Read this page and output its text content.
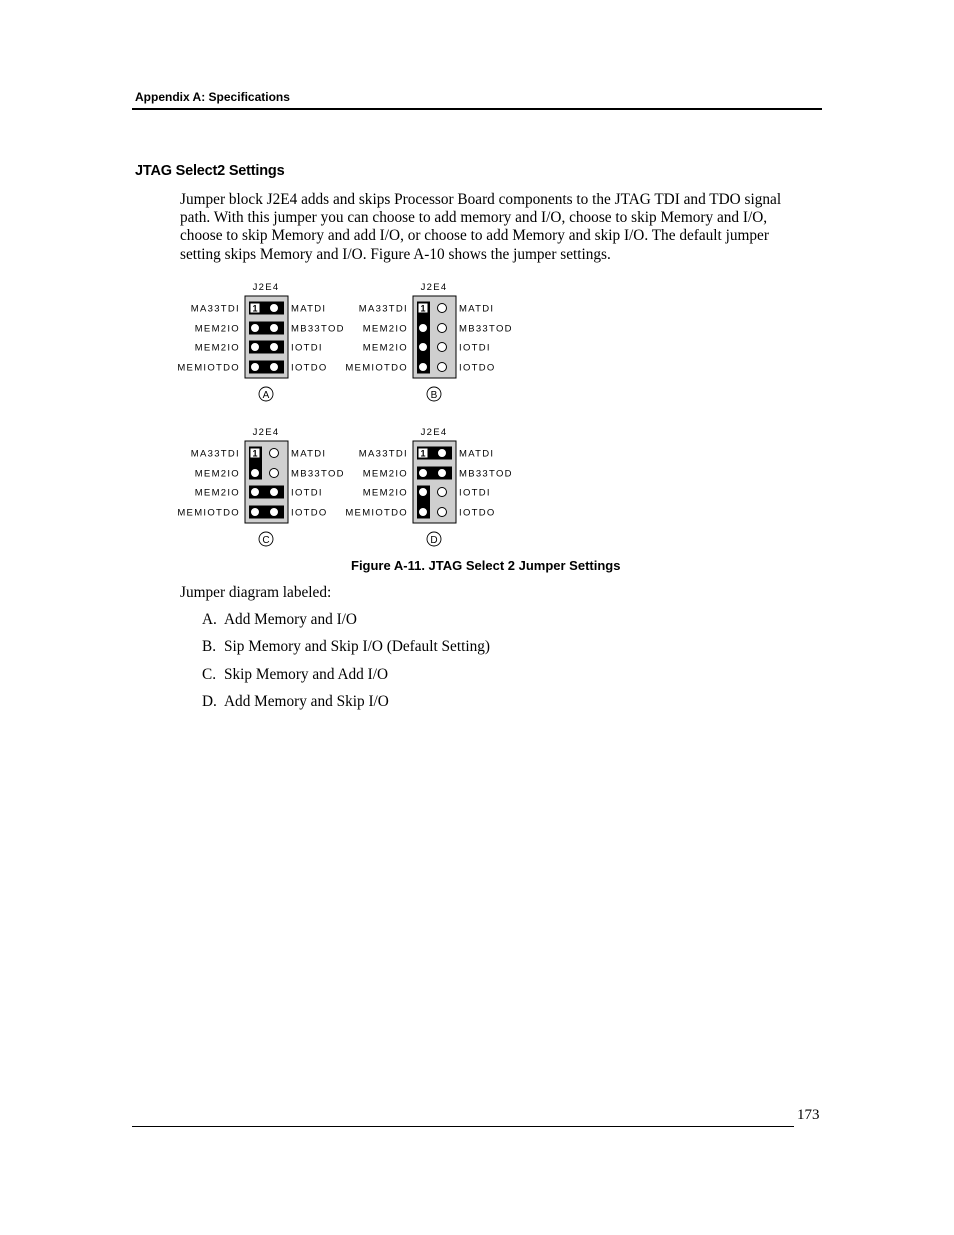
Appendix A: Specifications
JTAG Select2 Settings
Jumper block J2E4 adds and skips Processor Board components to the JTAG TDI and TDO signal
path. With this jumper you can choose to add memory and I/O, choose to skip Memory and I/O,
choose to skip Memory and add I/O, or choose to add Memory and skip I/O. The default jumper
setting skips Memory and I/O. Figure A-10 shows the jumper settings.
J2E4
1
MA33TDI	MATDI
MEM2IO	MB33TOD
MEM2IO	IOTDI
MEMIOTDO	IOTDO
A
J2E4
1
MA33TDI	MATDI
MEM2IO	MB33TOD
MEM2IO	IOTDI
MEMIOTDO	IOTDO
B
J2E4
1
MA33TDI	MATDI
MEM2IO	MB33TOD
MEM2IO	IOTDI
MEMIOTDO	IOTDO
C
J2E4
1
MA33TDI	MATDI
MEM2IO	MB33TOD
MEM2IO	IOTDI
MEMIOTDO	IOTDO
D
Figure A-11. JTAG Select 2 Jumper Settings
Jumper diagram labeled:
A. Add Memory and I/O
B. Sip Memory and Skip I/O (Default Setting)
C. Skip Memory and Add I/O
D. Add Memory and Skip I/O
173
